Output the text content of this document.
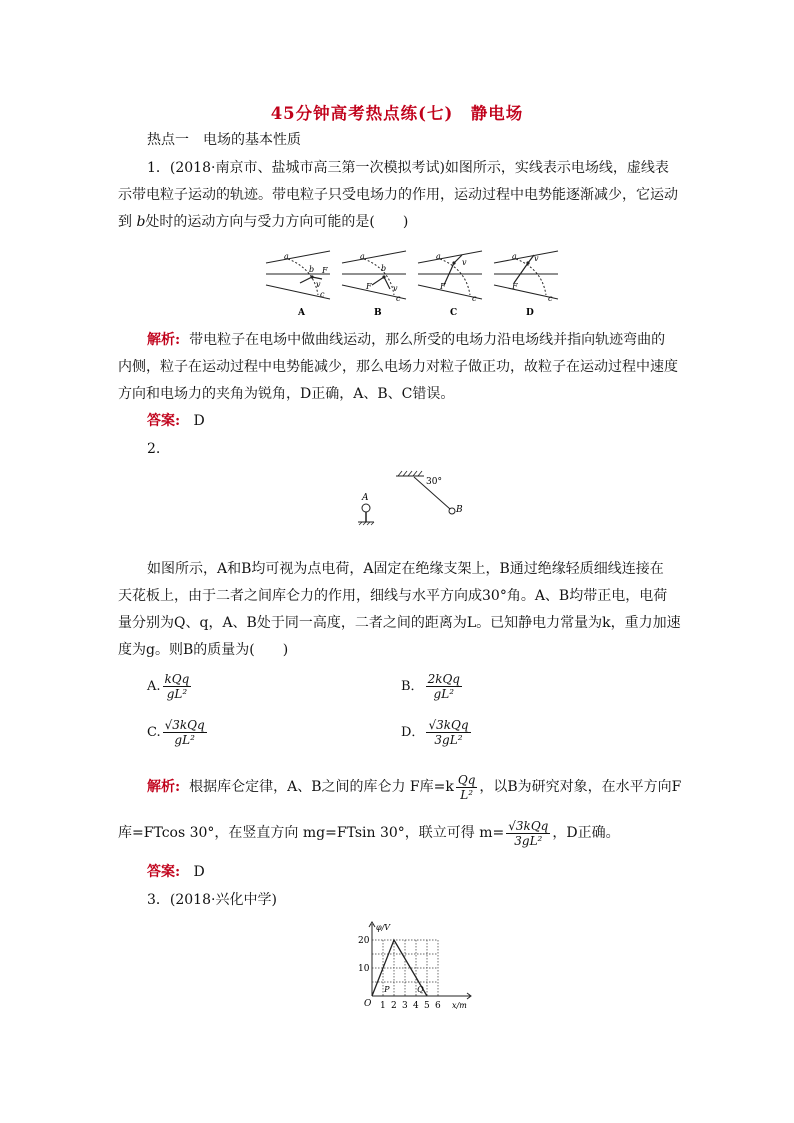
45分钟高考热点练(七)　静电场
热点一　电场的基本性质
1．(2018·南京市、盐城市高三第一次模拟考试)如图所示，实线表示电场线，虚线表
示带电粒子运动的轨迹。带电粒子只受电场力的作用，运动过程中电势能逐渐减少，它运动
到 b处时的运动方向与受力方向可能的是(　　)
a
b F
v
c
A
a
b
F	v
c
B
a
v
F
c
C
a v
F
c
D
解析: 带电粒子在电场中做曲线运动，那么所受的电场力沿电场线并指向轨迹弯曲的
内侧，粒子在运动过程中电势能减少，那么电场力对粒子做正功，故粒子在运动过程中速度
方向和电场力的夹角为锐角，D正确，A、B、C错误。
答案: D
2.
30°
B
A
如图所示，A和B均可视为点电荷，A固定在绝缘支架上，B通过绝缘轻质细线连接在
天花板上，由于二者之间库仑力的作用，细线与水平方向成30°角。A、B均带正电，电荷
量分别为Q、q，A、B处于同一高度，二者之间的距离为L。已知静电力常量为k，重力加速
度为g。则B的质量为(　　)
A. $\frac{\text{kQq}}{\text{gL²}}$	B． $\frac{\text{2kQq}}{\text{gL²}}$
C. $\frac{\text{√3kQq}}{\text{gL²}}$	D． $\frac{\text{√3kQq}}{\text{3gL²}}$
解析: 根据库仑定律，A、B之间的库仑力 F库$=k \frac{Qq}{\text{L²}}$ ，以B为研究对象，在水平方向F
库=FTcos 30°，在竖直方向 mg=FTsin 30°，联立可得 $m= \frac{\text{√3kQq}}{\text{3gL²}}$ ，D正确。
答案: D
3．(2018·兴化中学)
1 2 3 4 5 6
10
20
O
φ/V
x/m
P	Q
